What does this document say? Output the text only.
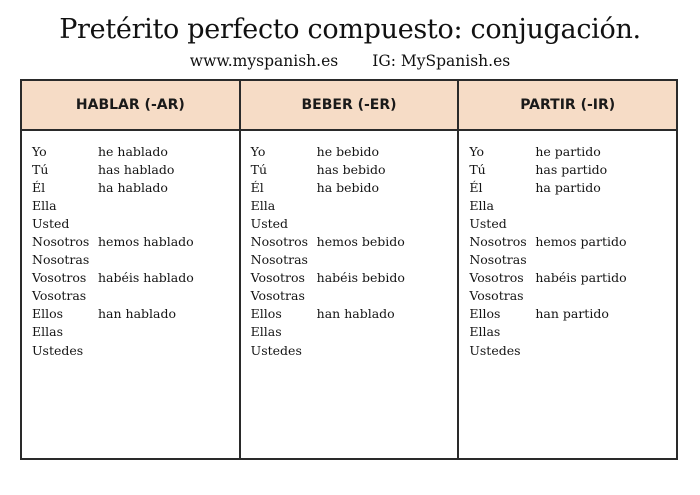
Pretérito perfecto compuesto: conjugación.
www.myspanish.es IG: MySpanish.es
HABLAR (-AR)
Yo	he hablado
Tú	has hablado
Él	ha hablado
Ella
Usted
Nosotros hemos hablado
Nosotras
Vosotros habéis hablado
Vosotras
Ellos	han hablado
Ellas
Ustedes
BEBER (-ER)
Yo	he bebido
Tú	has bebido
Él	ha bebido
Ella
Usted
Nosotros hemos bebido
Nosotras
Vosotros habéis bebido
Vosotras
Ellos	han hablado
Ellas
Ustedes
PARTIR (-IR)
Yo	he partido
Tú	has partido
Él	ha partido
Ella
Usted
Nosotros hemos partido
Nosotras
Vosotros habéis partido
Vosotras
Ellos	han partido
Ellas
Ustedes
